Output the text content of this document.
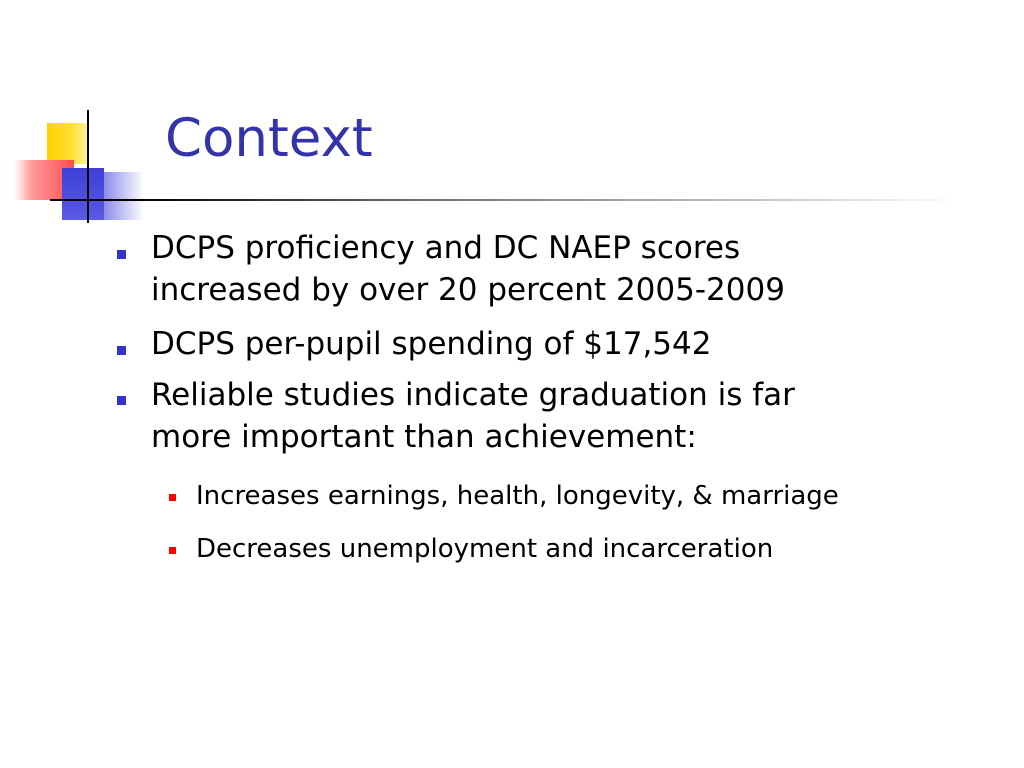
Context
DCPS proficiency and DC NAEP scores
increased by over 20 percent 2005-2009
DCPS per-pupil spending of $17,542
Reliable studies indicate graduation is far
more important than achievement:
Increases earnings, health, longevity, & marriage
Decreases unemployment and incarceration
